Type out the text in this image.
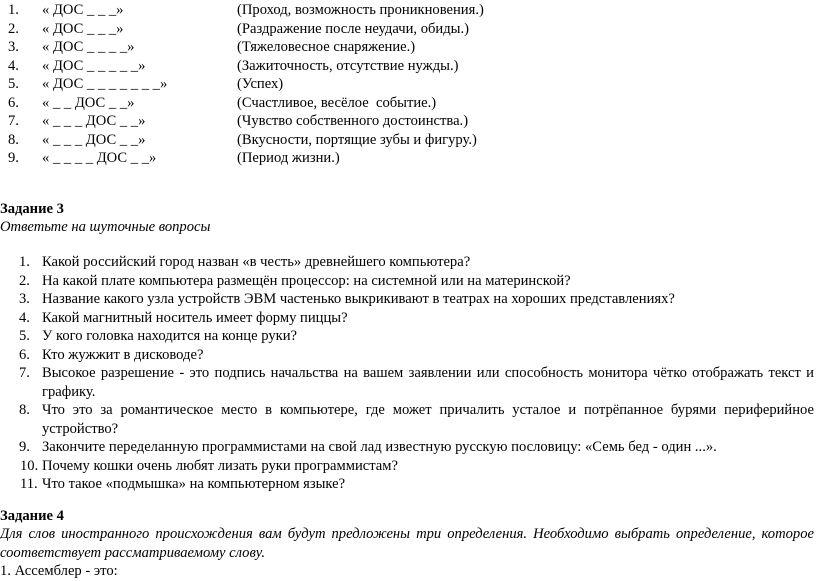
1.	« ДОС _ _ _»	(Проход, возможность проникновения.)
2.	« ДОС _ _ _»	(Раздражение после неудачи, обиды.)
3.	« ДОС _ _ _ _»	(Тяжеловесное снаряжение.)
4.	« ДОС _ _ _ _ _»	(Зажиточность, отсутствие нужды.)
5.	« ДОС _ _ _ _ _ _ _»	(Успех)
6.	« _ _ ДОС _ _»	(Счастливое, весёлое  событие.)
7.	« _ _ _ ДОС _ _»	(Чувство собственного достоинства.)
8.	« _ _ _ ДОС _ _»	(Вкусности, портящие зубы и фигуру.)
9.	« _ _ _ _ ДОС _ _»	(Период жизни.)
Задание 3
Ответьте на шуточные вопросы
1. Какой российский город назван «в честь» древнейшего компьютера?
2. На какой плате компьютера размещён процессор: на системной или на материнской?
3. Название какого узла устройств ЭВМ частенько выкрикивают в театрах на хороших представлениях?
4. Какой магнитный носитель имеет форму пиццы?
5. У кого головка находится на конце руки?
6. Кто жужжит в дисководе?
7. Высокое разрешение - это подпись начальства на вашем заявлении или способность монитора чётко отображать текст и графику.
8. Что это за романтическое место в компьютере, где может причалить усталое и потрёпанное бурями периферийное устройство?
9. Закончите переделанную программистами на свой лад известную русскую пословицу: «Семь бед - один ...».
10. Почему кошки очень любят лизать руки программистам?
11. Что такое «подмышка» на компьютерном языке?
Задание 4
Для слов иностранного происхождения вам будут предложены три определения. Необходимо выбрать определение, которое соответствует рассматриваемому слову.
1. Ассемблер - это:
